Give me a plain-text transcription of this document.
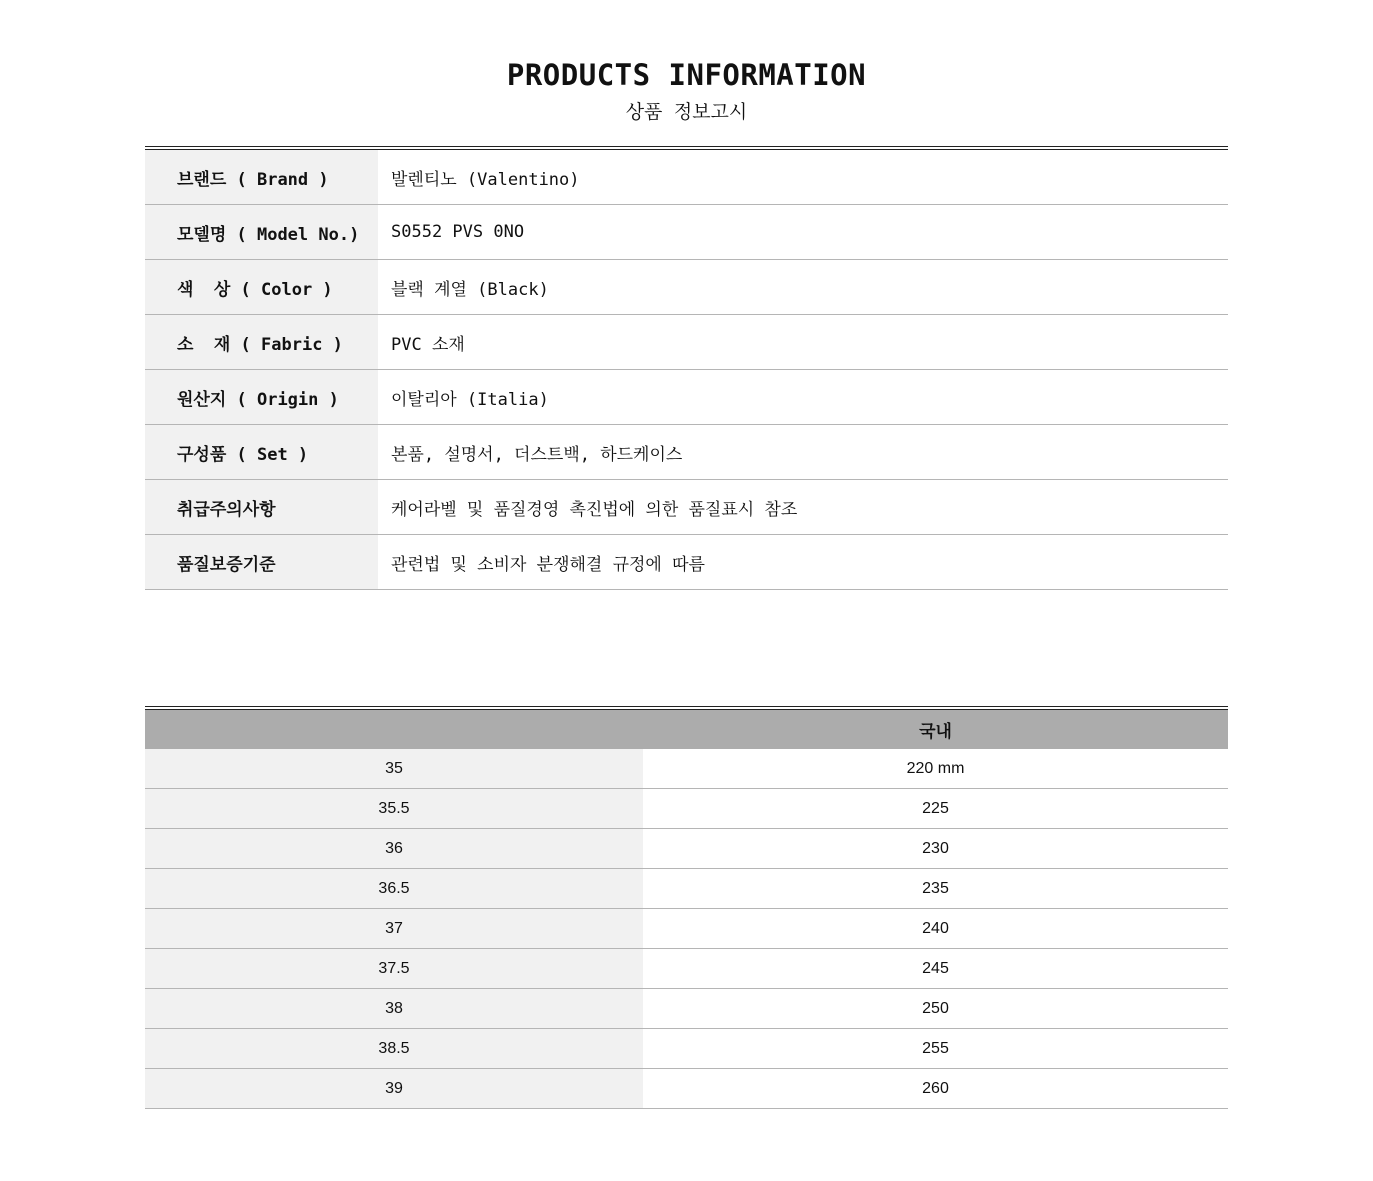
PRODUCTS INFORMATION
상품 정보고시
브랜드 ( Brand )	발렌티노 (Valentino)
모델명 ( Model No.)	S0552 PVS 0NO
색  상 ( Color )	블랙 계열 (Black)
소  재 ( Fabric )	PVC 소재
원산지 ( Origin )	이탈리아 (Italia)
구성품 ( Set )	본품, 설명서, 더스트백, 하드케이스
취급주의사항	케어라벨 및 품질경영 촉진법에 의한 품질표시 참조
품질보증기준	관련법 및 소비자 분쟁해결 규정에 따름
국내
35	220 mm
35.5	225
36	230
36.5	235
37	240
37.5	245
38	250
38.5	255
39	260
